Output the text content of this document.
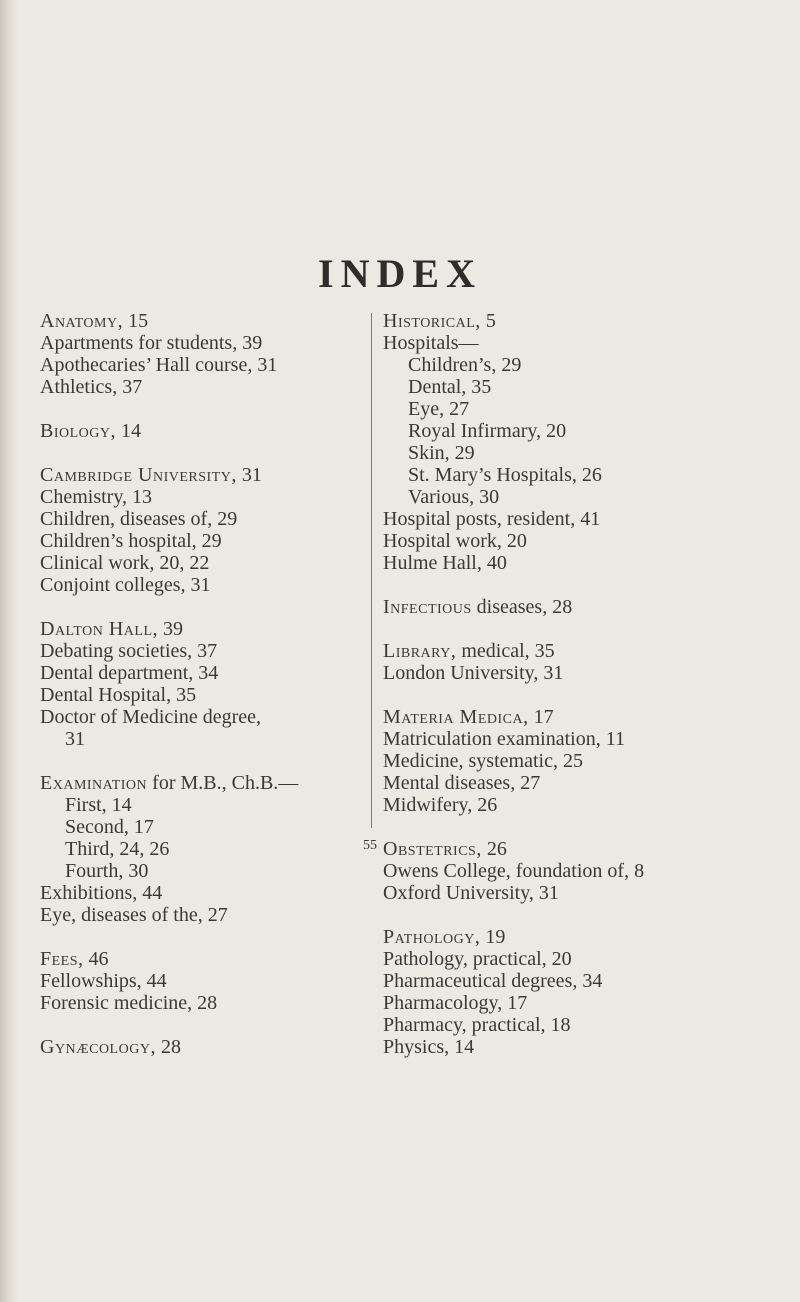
INDEX
Anatomy, 15
Apartments for students, 39
Apothecaries’ Hall course, 31
Athletics, 37
Biology, 14
Cambridge University, 31
Chemistry, 13
Children, diseases of, 29
Children’s hospital, 29
Clinical work, 20, 22
Conjoint colleges, 31
Dalton Hall, 39
Debating societies, 37
Dental department, 34
Dental Hospital, 35
Doctor of Medicine degree,
31
Examination for M.B., Ch.B.—
First, 14
Second, 17
Third, 24, 26
Fourth, 30
Exhibitions, 44
Eye, diseases of the, 27
Fees, 46
Fellowships, 44
Forensic medicine, 28
Gynæcology, 28
Historical, 5
Hospitals—
Children’s, 29
Dental, 35
Eye, 27
Royal Infirmary, 20
Skin, 29
St. Mary’s Hospitals, 26
Various, 30
Hospital posts, resident, 41
Hospital work, 20
Hulme Hall, 40
Infectious diseases, 28
Library, medical, 35
London University, 31
Materia Medica, 17
Matriculation examination, 11
Medicine, systematic, 25
Mental diseases, 27
Midwifery, 26
Obstetrics, 26
Owens College, foundation of, 8
Oxford University, 31
Pathology, 19
Pathology, practical, 20
Pharmaceutical degrees, 34
Pharmacology, 17
Pharmacy, practical, 18
Physics, 14
55
